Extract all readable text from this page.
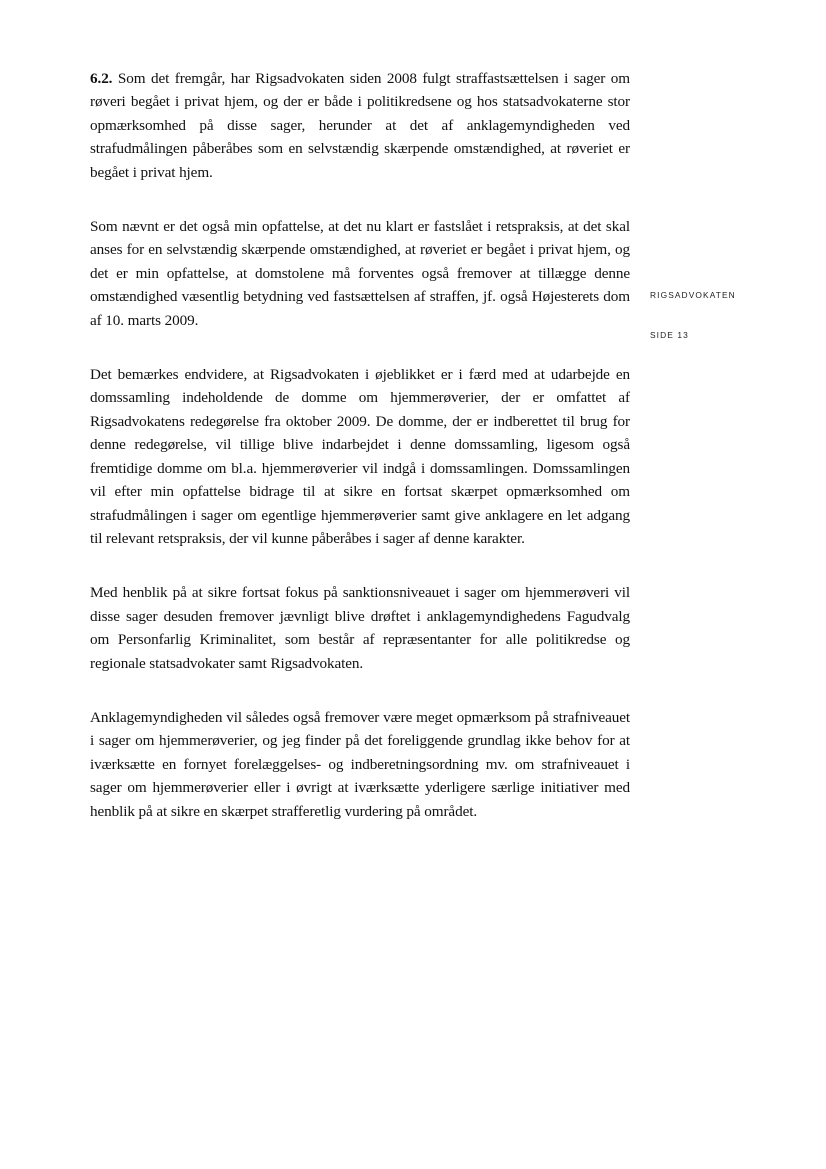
6.2. Som det fremgår, har Rigsadvokaten siden 2008 fulgt straffastsættelsen i sager om røveri begået i privat hjem, og der er både i politikredsene og hos statsadvokaterne stor opmærksomhed på disse sager, herunder at det af anklagemyndigheden ved strafudmålingen påberåbes som en selvstændig skærpende omstændighed, at røveriet er begået i privat hjem.

Som nævnt er det også min opfattelse, at det nu klart er fastslået i retspraksis, at det skal anses for en selvstændig skærpende omstændighed, at røveriet er begået i privat hjem, og det er min opfattelse, at domstolene må forventes også fremover at tillægge denne omstændighed væsentlig betydning ved fastsættelsen af straffen, jf. også Højesterets dom af 10. marts 2009.

Det bemærkes endvidere, at Rigsadvokaten i øjeblikket er i færd med at udarbejde en domssamling indeholdende de domme om hjemmerøverier, der er omfattet af Rigsadvokatens redegørelse fra oktober 2009. De domme, der er indberettet til brug for denne redegørelse, vil tillige blive indarbejdet i denne domssamling, ligesom også fremtidige domme om bl.a. hjemmerøverier vil indgå i domssamlingen. Domssamlingen vil efter min opfattelse bidrage til at sikre en fortsat skærpet opmærksomhed om strafudmålingen i sager om egentlige hjemmerøverier samt give anklagere en let adgang til relevant retspraksis, der vil kunne påberåbes i sager af denne karakter.

Med henblik på at sikre fortsat fokus på sanktionsniveauet i sager om hjemmerøveri vil disse sager desuden fremover jævnligt blive drøftet i anklagemyndighedens Fagudvalg om Personfarlig Kriminalitet, som består af repræsentanter for alle politikredse og regionale statsadvokater samt Rigsadvokaten.

Anklagemyndigheden vil således også fremover være meget opmærksom på strafniveauet i sager om hjemmerøverier, og jeg finder på det foreliggende grundlag ikke behov for at iværksætte en fornyet forelæggelses- og indberetningsordning mv. om strafniveauet i sager om hjemmerøverier eller i øvrigt at iværksætte yderligere særlige initiativer med henblik på at sikre en skærpet strafferetlig vurdering på området.

RIGSADVOKATEN
SIDE 13
